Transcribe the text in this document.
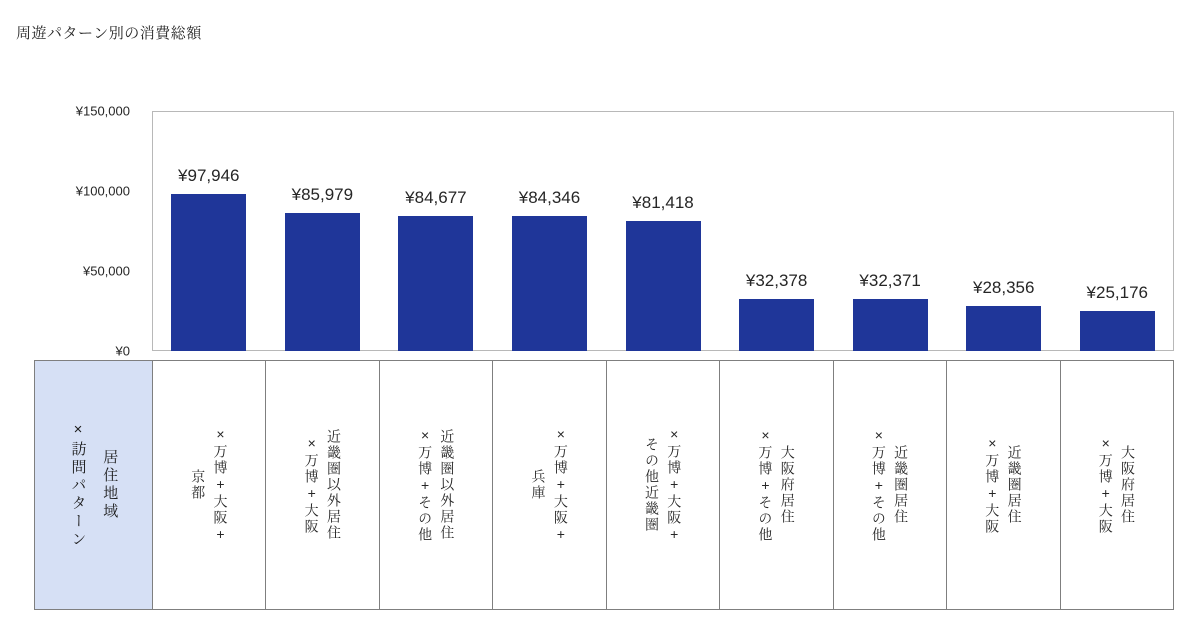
周遊パターン別の消費総額
¥0
¥50,000
¥100,000
¥150,000
¥97,946
¥85,979	¥84,677	¥84,346	¥81,418
¥32,378	¥32,371	¥28,356	¥25,176
×訪問パターン 居住地域	京都 ×万博+大阪+	×万博+大阪 近畿圏以外居住	×万博+その他 近畿圏以外居住	兵庫 ×万博+大阪+	その他近畿圏 ×万博+大阪+	×万博+その他 大阪府居住	×万博+その他 近畿圏居住	×万博+大阪 近畿圏居住	×万博+大阪 大阪府居住
